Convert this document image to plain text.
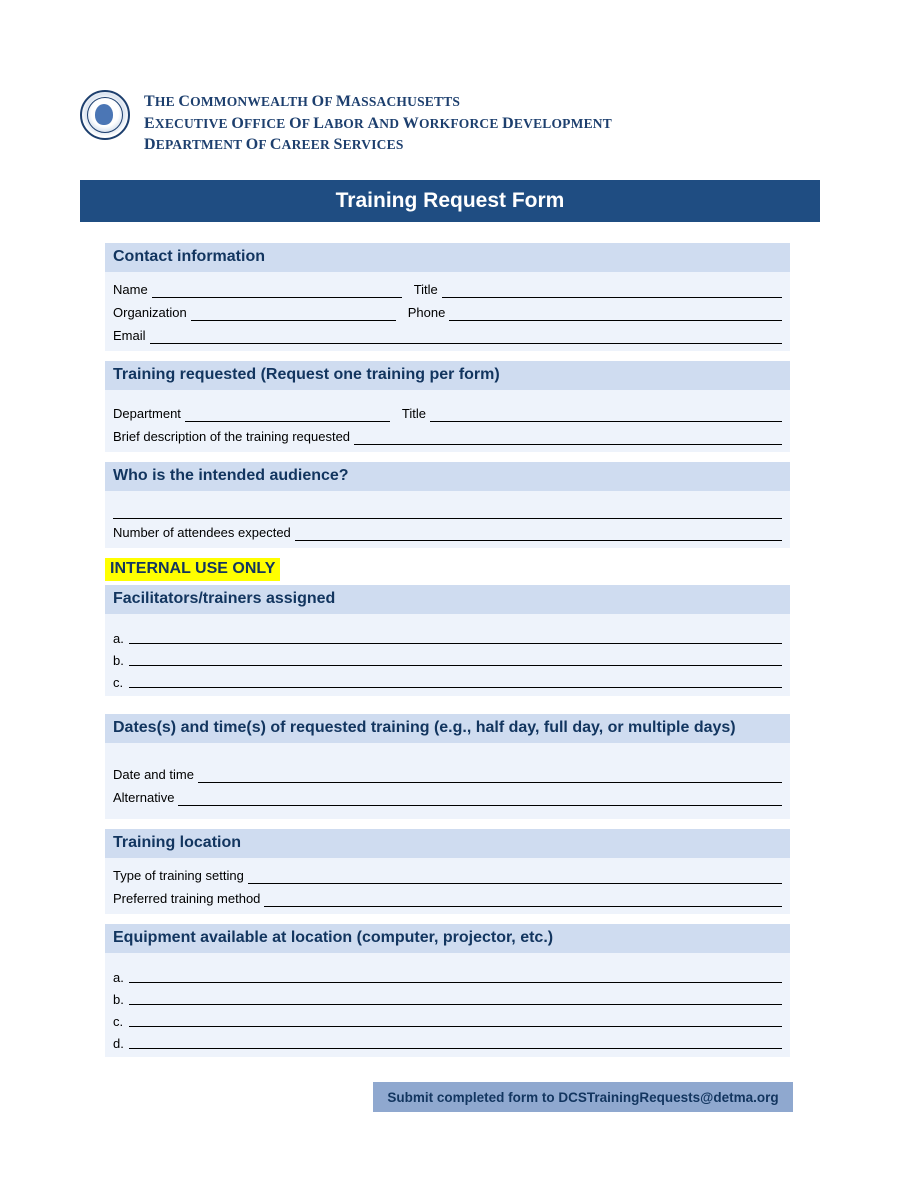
THE COMMONWEALTH OF MASSACHUSETTS
EXECUTIVE OFFICE OF LABOR AND WORKFORCE DEVELOPMENT
DEPARTMENT OF CAREER SERVICES
Training Request Form
Contact information
Name	Title
Organization	Phone
Email
Training requested (Request one training per form)
Department	Title
Brief description of the training requested
Who is the intended audience?
Number of attendees expected
INTERNAL USE ONLY
Facilitators/trainers assigned
a.
b.
c.
Dates(s) and time(s) of requested training (e.g., half day, full day, or multiple days)
Date and time
Alternative
Training location
Type of training setting
Preferred training method
Equipment available at location (computer, projector, etc.)
a.
b.
c.
d.
Submit completed form to DCSTrainingRequests@detma.org
